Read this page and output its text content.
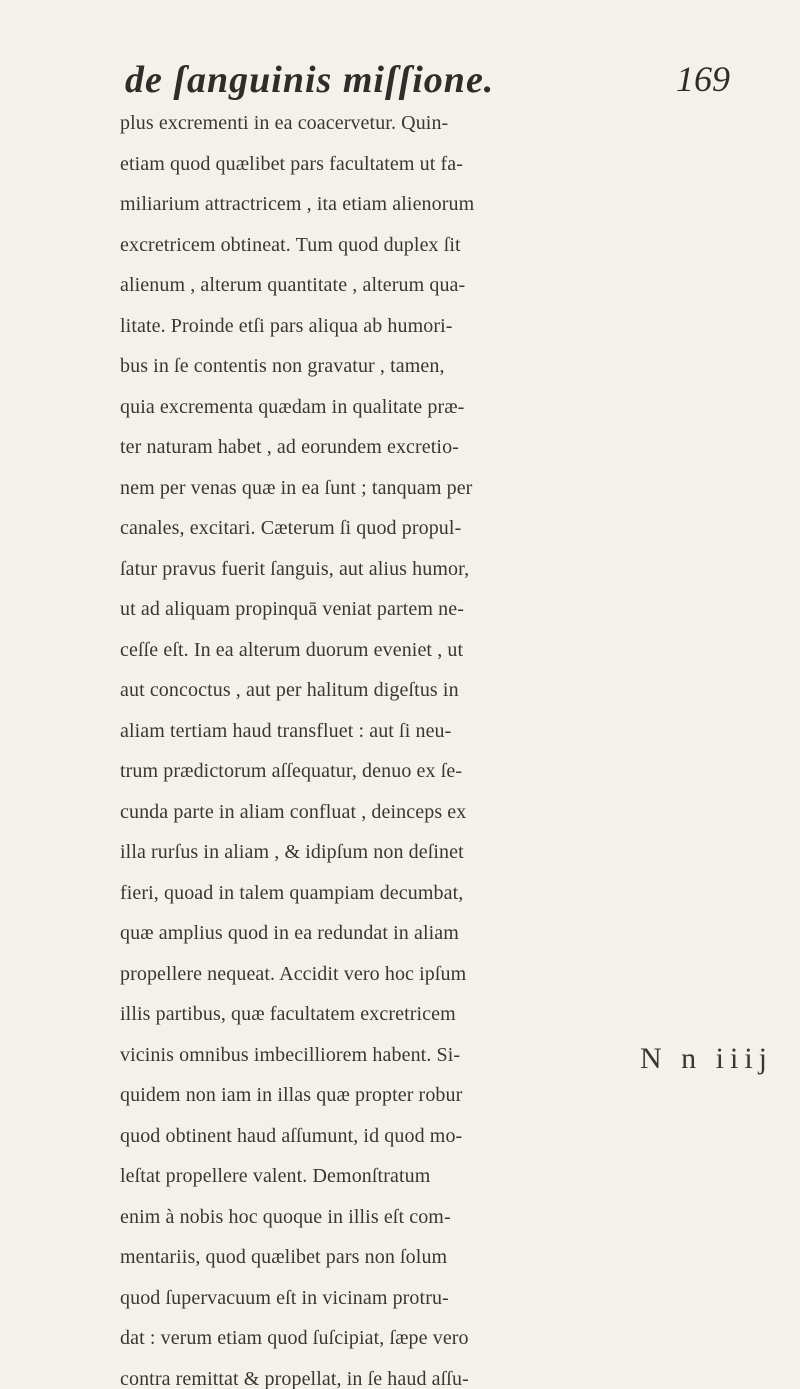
de ſanguinis miſſione.	169
plus excrementi in ea coacervetur. Quin-
etiam quod quælibet pars facultatem ut fa-
miliarium attractricem , ita etiam alienorum
excretricem obtineat. Tum quod duplex ſit
alienum , alterum quantitate , alterum qua-
litate. Proinde etſi pars aliqua ab humori-
bus in ſe contentis non gravatur , tamen,
quia excrementa quædam in qualitate præ-
ter naturam habet , ad eorundem excretio-
nem per venas quæ in ea ſunt ; tanquam per
canales, excitari. Cæterum ſi quod propul-
ſatur pravus fuerit ſanguis, aut alius humor,
ut ad aliquam propinquā veniat partem ne-
ceſſe eſt. In ea alterum duorum eveniet , ut
aut concoctus , aut per halitum digeſtus in
aliam tertiam haud transfluet : aut ſi neu-
trum prædictorum aſſequatur, denuo ex ſe-
cunda parte in aliam confluat , deinceps ex
illa rurſus in aliam , & idipſum non deſinet
fieri, quoad in talem quampiam decumbat,
quæ amplius quod in ea redundat in aliam
propellere nequeat. Accidit vero hoc ipſum
illis partibus, quæ facultatem excretricem
vicinis omnibus imbecilliorem habent. Si-
quidem non iam in illas quæ propter robur
quod obtinent haud aſſumunt, id quod mo-
leſtat propellere valent. Demonſtratum
enim à nobis hoc quoque in illis eſt com-
mentariis, quod quælibet pars non ſolum
quod ſupervacuum eſt in vicinam protru-
dat : verum etiam quod ſuſcipiat, ſæpe vero
contra remittat & propellat, in ſe haud aſſu-
N n iiij
